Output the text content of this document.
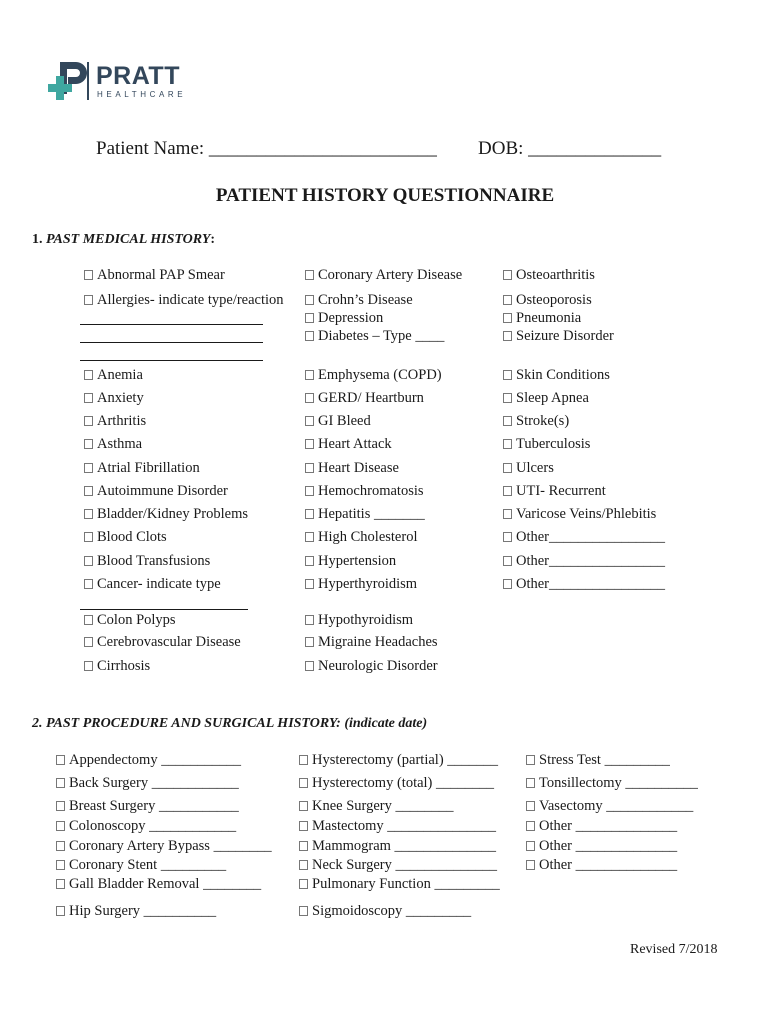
PRATT
HEALTHCARE
Patient Name: ________________________ DOB: ______________
PATIENT HISTORY QUESTIONNAIRE
1. PAST MEDICAL HISTORY:
Abnormal PAP Smear
Allergies- indicate type/reaction
Anemia
Anxiety
Arthritis
Asthma
Atrial Fibrillation
Autoimmune Disorder
Bladder/Kidney Problems
Blood Clots
Blood Transfusions
Cancer- indicate type
Colon Polyps
Cerebrovascular Disease
Cirrhosis
Coronary Artery Disease
Crohn’s Disease
Depression
Diabetes – Type ____
Emphysema (COPD)
GERD/ Heartburn
GI Bleed
Heart Attack
Heart Disease
Hemochromatosis
Hepatitis _______
High Cholesterol
Hypertension
Hyperthyroidism
Hypothyroidism
Migraine Headaches
Neurologic Disorder
Osteoarthritis
Osteoporosis
Pneumonia
Seizure Disorder
Skin Conditions
Sleep Apnea
Stroke(s)
Tuberculosis
Ulcers
UTI- Recurrent
Varicose Veins/Phlebitis
Other________________
Other________________
Other________________
2. PAST PROCEDURE AND SURGICAL HISTORY: (indicate date)
Appendectomy ___________
Back Surgery ____________
Breast Surgery ___________
Colonoscopy ____________
Coronary Artery Bypass ________
Coronary Stent _________
Gall Bladder Removal ________
Hip Surgery __________
Hysterectomy (partial) _______
Hysterectomy (total) ________
Knee Surgery ________
Mastectomy _______________
Mammogram ______________
Neck Surgery ______________
Pulmonary Function _________
Sigmoidoscopy _________
Stress Test _________
Tonsillectomy __________
Vasectomy ____________
Other ______________
Other ______________
Other ______________
Revised 7/2018
